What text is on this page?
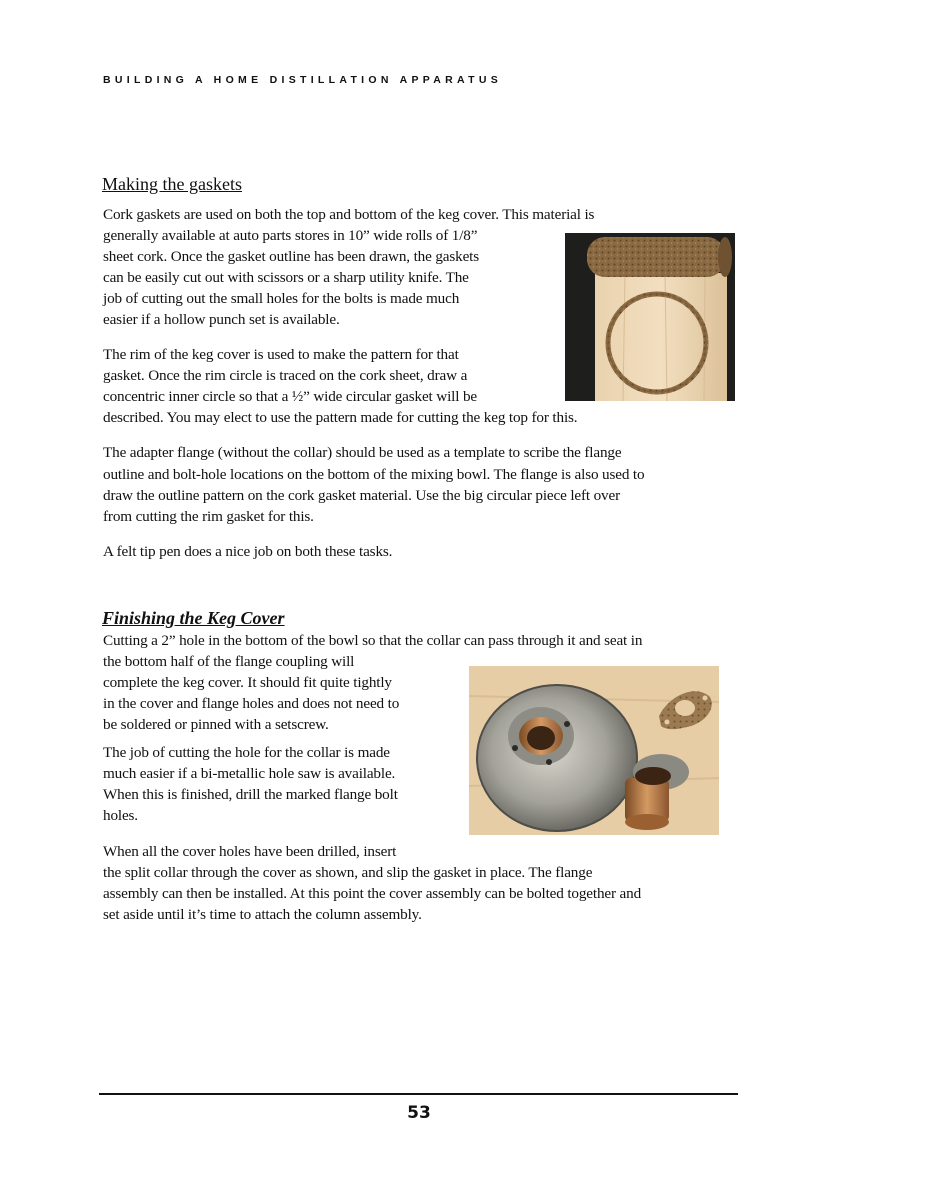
BUILDING A HOME DISTILLATION APPARATUS
Making the gaskets
Cork gaskets are used on both the top and bottom of the keg cover. This material is
generally available at auto parts stores in 10” wide rolls of 1/8”
sheet cork. Once the gasket outline has been drawn, the gaskets
can be easily cut out with scissors or a sharp utility knife. The
job of cutting out the small holes for the bolts is made much
easier if a hollow punch set is available.
The rim of the keg cover is used to make the pattern for that
gasket. Once the rim circle is traced on the cork sheet, draw a
concentric inner circle so that a ½” wide circular gasket will be
described. You may elect to use the pattern made for cutting the keg top for this.
The adapter flange (without the collar) should be used as a template to scribe the flange
outline and bolt-hole locations on the bottom of the mixing bowl. The flange is also used to
draw the outline pattern on the cork gasket material. Use the big circular piece left over
from cutting the rim gasket for this.
A felt tip pen does a nice job on both these tasks.
Finishing the Keg Cover
Cutting a 2” hole in the bottom of the bowl so that the collar can pass through it and seat in
the bottom half of the flange coupling will
complete the keg cover. It should fit quite tightly
in the cover and flange holes and does not need to
be soldered or pinned with a setscrew.
The job of cutting the hole for the collar is made
much easier if a bi-metallic hole saw is available.
When this is finished, drill the marked flange bolt
holes.
When all the cover holes have been drilled, insert
the split collar through the cover as shown, and slip the gasket in place. The flange
assembly can then be installed. At this point the cover assembly can be bolted together and
set aside until it’s time to attach the column assembly.
53
